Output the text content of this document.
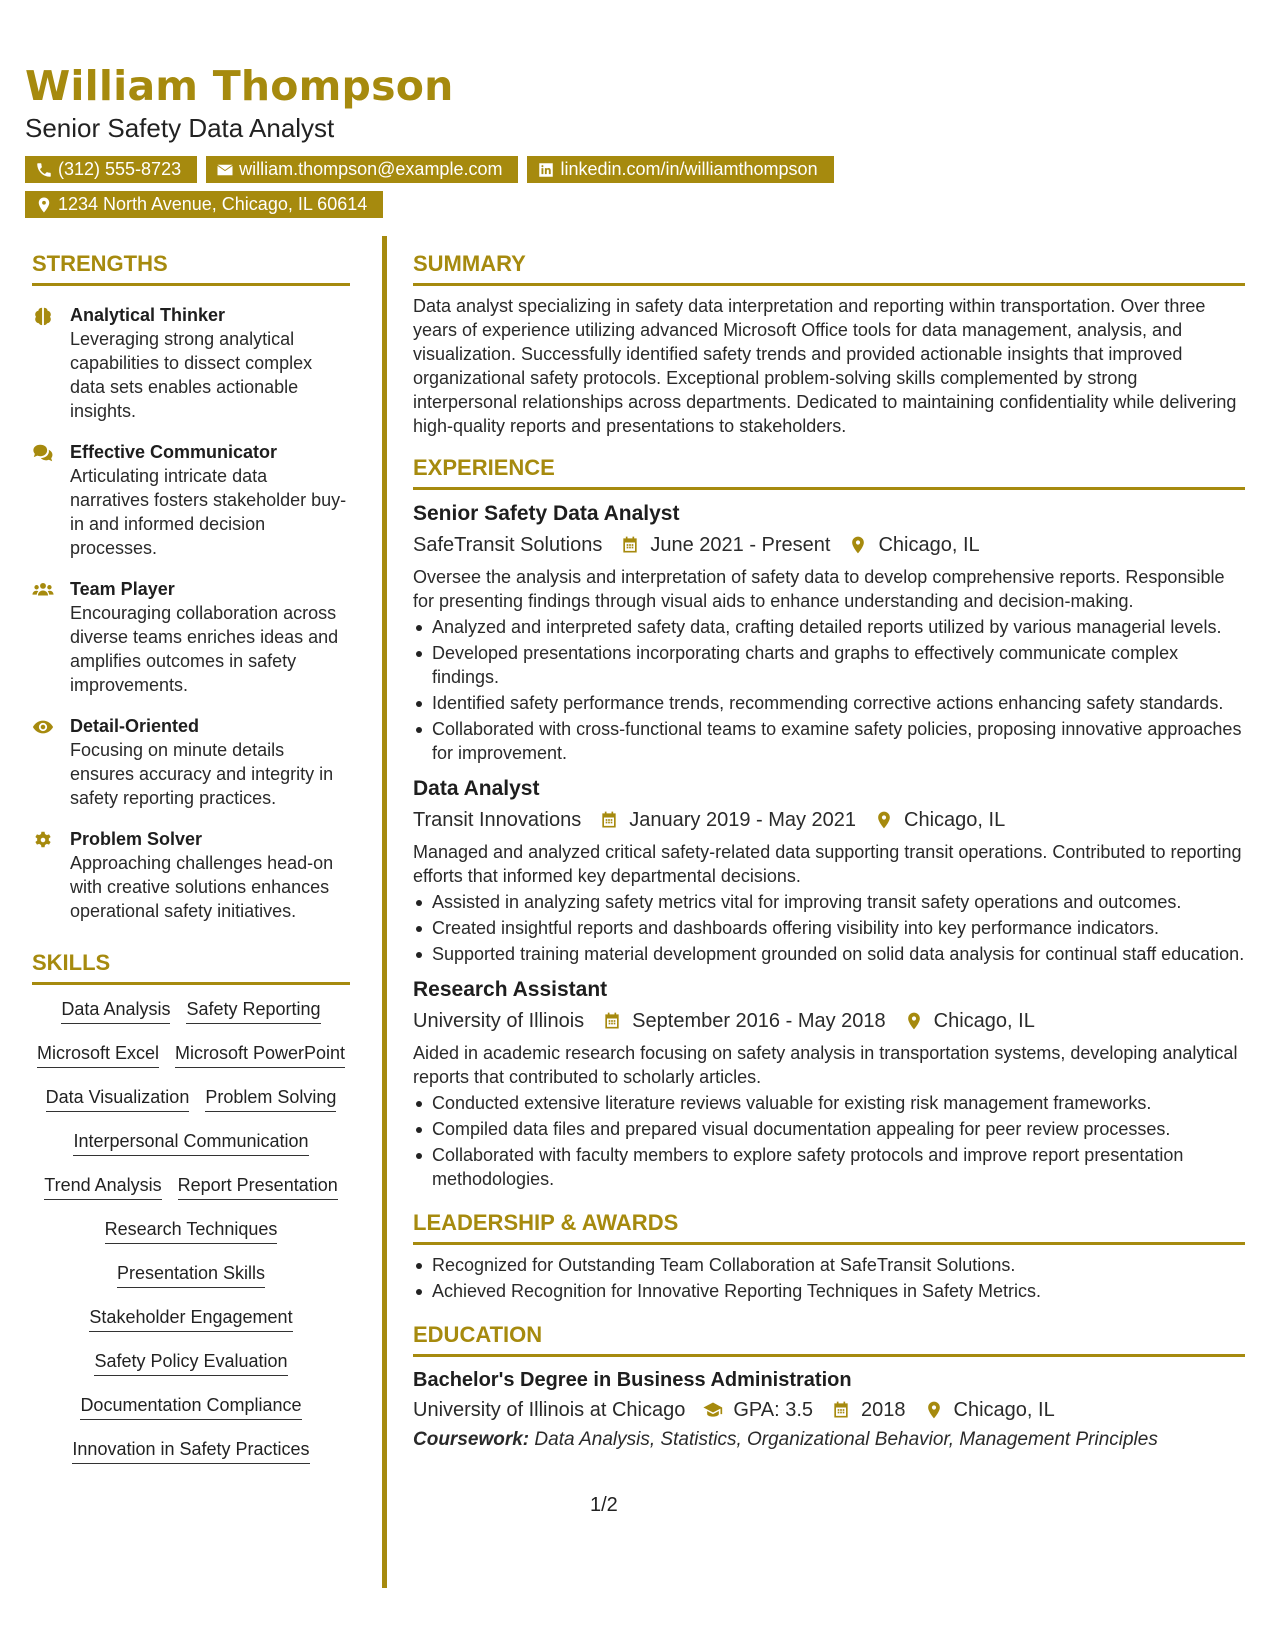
William Thompson
Senior Safety Data Analyst
(312) 555-8723	william.thompson@example.com	linkedin.com/in/williamthompson
1234 North Avenue, Chicago, IL 60614
STRENGTHS
Analytical Thinker
Leveraging strong analytical capabilities to dissect complex data sets enables actionable insights.
Effective Communicator
Articulating intricate data narratives fosters stakeholder buy-in and informed decision processes.
Team Player
Encouraging collaboration across diverse teams enriches ideas and amplifies outcomes in safety improvements.
Detail-Oriented
Focusing on minute details ensures accuracy and integrity in safety reporting practices.
Problem Solver
Approaching challenges head-on with creative solutions enhances operational safety initiatives.
SKILLS
Data Analysis Safety Reporting
Microsoft Excel Microsoft PowerPoint
Data Visualization Problem Solving
Interpersonal Communication
Trend Analysis Report Presentation
Research Techniques
Presentation Skills
Stakeholder Engagement
Safety Policy Evaluation
Documentation Compliance
Innovation in Safety Practices
SUMMARY
Data analyst specializing in safety data interpretation and reporting within transportation. Over three years of experience utilizing advanced Microsoft Office tools for data management, analysis, and visualization. Successfully identified safety trends and provided actionable insights that improved organizational safety protocols. Exceptional problem-solving skills complemented by strong interpersonal relationships across departments. Dedicated to maintaining confidentiality while delivering high-quality reports and presentations to stakeholders.
EXPERIENCE
Senior Safety Data Analyst
SafeTransit Solutions June 2021 - Present Chicago, IL
Oversee the analysis and interpretation of safety data to develop comprehensive reports. Responsible for presenting findings through visual aids to enhance understanding and decision-making.
Analyzed and interpreted safety data, crafting detailed reports utilized by various managerial levels.
Developed presentations incorporating charts and graphs to effectively communicate complex findings.
Identified safety performance trends, recommending corrective actions enhancing safety standards.
Collaborated with cross-functional teams to examine safety policies, proposing innovative approaches for improvement.
Data Analyst
Transit Innovations January 2019 - May 2021 Chicago, IL
Managed and analyzed critical safety-related data supporting transit operations. Contributed to reporting efforts that informed key departmental decisions.
Assisted in analyzing safety metrics vital for improving transit safety operations and outcomes.
Created insightful reports and dashboards offering visibility into key performance indicators.
Supported training material development grounded on solid data analysis for continual staff education.
Research Assistant
University of Illinois September 2016 - May 2018 Chicago, IL
Aided in academic research focusing on safety analysis in transportation systems, developing analytical reports that contributed to scholarly articles.
Conducted extensive literature reviews valuable for existing risk management frameworks.
Compiled data files and prepared visual documentation appealing for peer review processes.
Collaborated with faculty members to explore safety protocols and improve report presentation methodologies.
LEADERSHIP & AWARDS
Recognized for Outstanding Team Collaboration at SafeTransit Solutions.
Achieved Recognition for Innovative Reporting Techniques in Safety Metrics.
EDUCATION
Bachelor's Degree in Business Administration
University of Illinois at Chicago GPA: 3.5 2018 Chicago, IL
Coursework: Data Analysis, Statistics, Organizational Behavior, Management Principles
1/2
